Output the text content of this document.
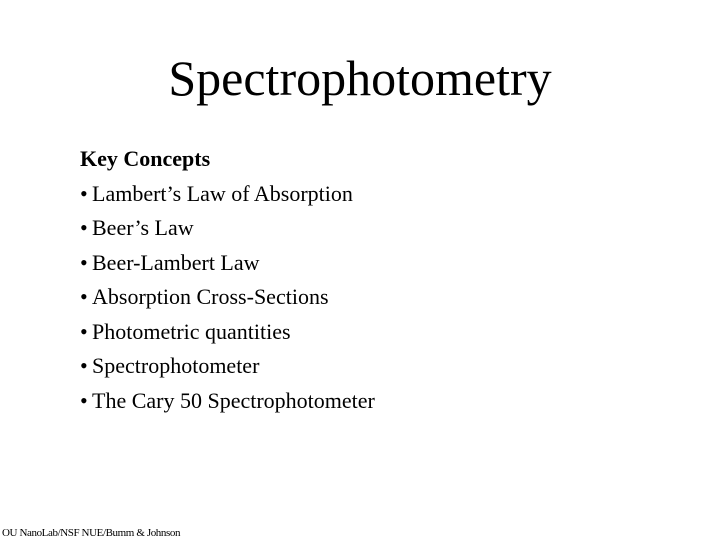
Spectrophotometry
Key Concepts
• Lambert’s Law of Absorption
• Beer’s Law
• Beer-Lambert Law
• Absorption Cross-Sections
• Photometric quantities
• Spectrophotometer
• The Cary 50 Spectrophotometer
OU NanoLab/NSF NUE/Bumm & Johnson
